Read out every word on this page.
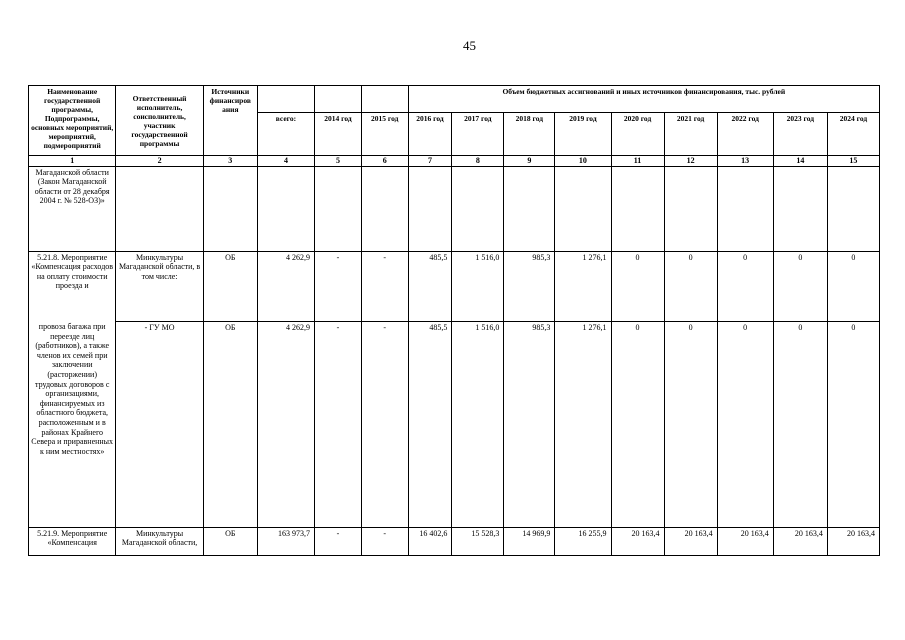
45
Наименование государственной программы, Подпрограммы, основных мероприятий, мероприятий, подмероприятий	Ответственный исполнитель, соисполнитель, участник государственной программы	Источники финансиров ания				Объем бюджетных ассигнований и иных источников финансирования, тыс. рублей								
			всего:	2014 год	2015 год	2016 год	2017 год	2018 год	2019 год	2020 год	2021 год	2022 год	2023 год	2024 год
1	2	3	4	5	6	7	8	9	10	11	12	13	14	15
Магаданской области (Закон Магаданской области от 28 декабря 2004 г. № 528-ОЗ)»														
5.21.8. Мероприятие «Компенсация расходов на оплату стоимости проезда и	Минкультуры Магаданской области, в том числе:	ОБ	4 262,9	-	-	485,5	1 516,0	985,3	1 276,1	0	0	0	0	0
провоза багажа при переезде лиц (работников), а также членов их семей при заключении (расторжении) трудовых договоров с организациями, финансируемых из областного бюджета, расположенным и в районах Крайнего Севера и приравненных к ним местностях»	- ГУ МО	ОБ	4 262,9	-	-	485,5	1 516,0	985,3	1 276,1	0	0	0	0	0
5.21.9. Мероприятие «Компенсация	Минкультуры Магаданской области,	ОБ	163 973,7	-	-	16 402,6	15 528,3	14 969,9	16 255,9	20 163,4	20 163,4	20 163,4	20 163,4	20 163,4
